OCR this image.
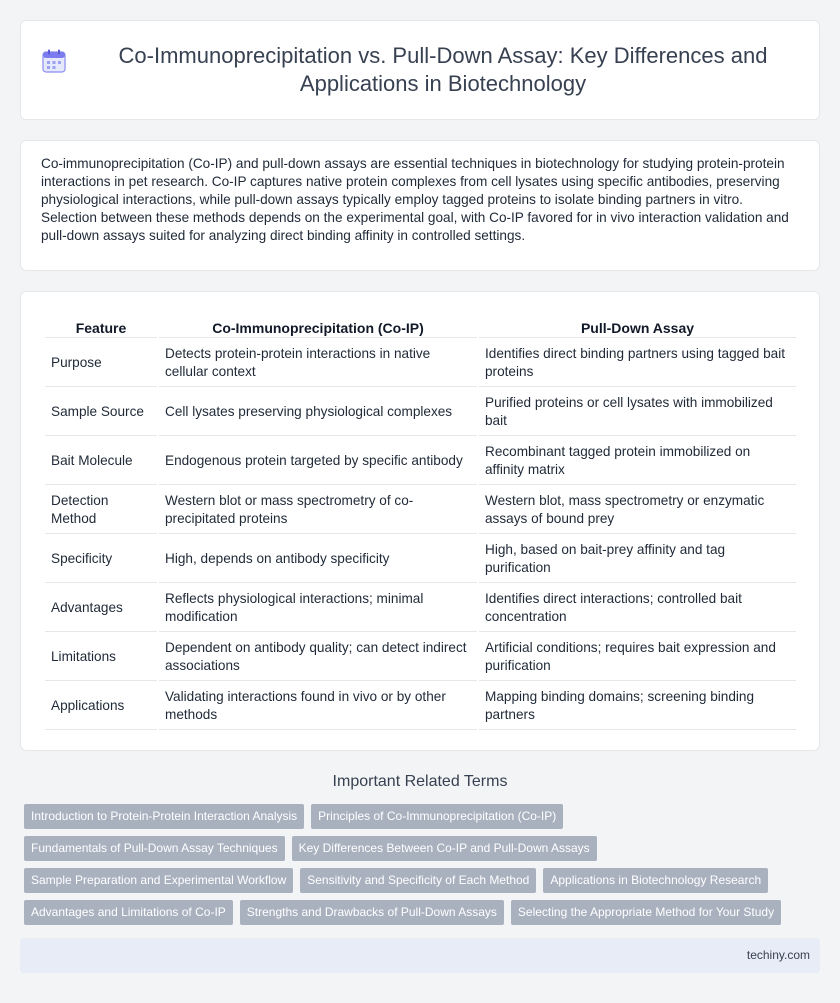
Co-Immunoprecipitation vs. Pull-Down Assay: Key Differences and Applications in Biotechnology

Co-immunoprecipitation (Co-IP) and pull-down assays are essential techniques in biotechnology for studying protein-protein interactions in pet research. Co-IP captures native protein complexes from cell lysates using specific antibodies, preserving physiological interactions, while pull-down assays typically employ tagged proteins to isolate binding partners in vitro. Selection between these methods depends on the experimental goal, with Co-IP favored for in vivo interaction validation and pull-down assays suited for analyzing direct binding affinity in controlled settings.

Feature	Co-Immunoprecipitation (Co-IP)	Pull-Down Assay
Purpose	Detects protein-protein interactions in native cellular context	Identifies direct binding partners using tagged bait proteins
Sample Source	Cell lysates preserving physiological complexes	Purified proteins or cell lysates with immobilized bait
Bait Molecule	Endogenous protein targeted by specific antibody	Recombinant tagged protein immobilized on affinity matrix
Detection Method	Western blot or mass spectrometry of co-precipitated proteins	Western blot, mass spectrometry or enzymatic assays of bound prey
Specificity	High, depends on antibody specificity	High, based on bait-prey affinity and tag purification
Advantages	Reflects physiological interactions; minimal modification	Identifies direct interactions; controlled bait concentration
Limitations	Dependent on antibody quality; can detect indirect associations	Artificial conditions; requires bait expression and purification
Applications	Validating interactions found in vivo or by other methods	Mapping binding domains; screening binding partners
Important Related Terms
Introduction to Protein-Protein Interaction Analysis	Principles of Co-Immunoprecipitation (Co-IP)
Fundamentals of Pull-Down Assay Techniques	Key Differences Between Co-IP and Pull-Down Assays
Sample Preparation and Experimental Workflow	Sensitivity and Specificity of Each Method	Applications in Biotechnology Research
Advantages and Limitations of Co-IP	Strengths and Drawbacks of Pull-Down Assays	Selecting the Appropriate Method for Your Study
techiny.com
